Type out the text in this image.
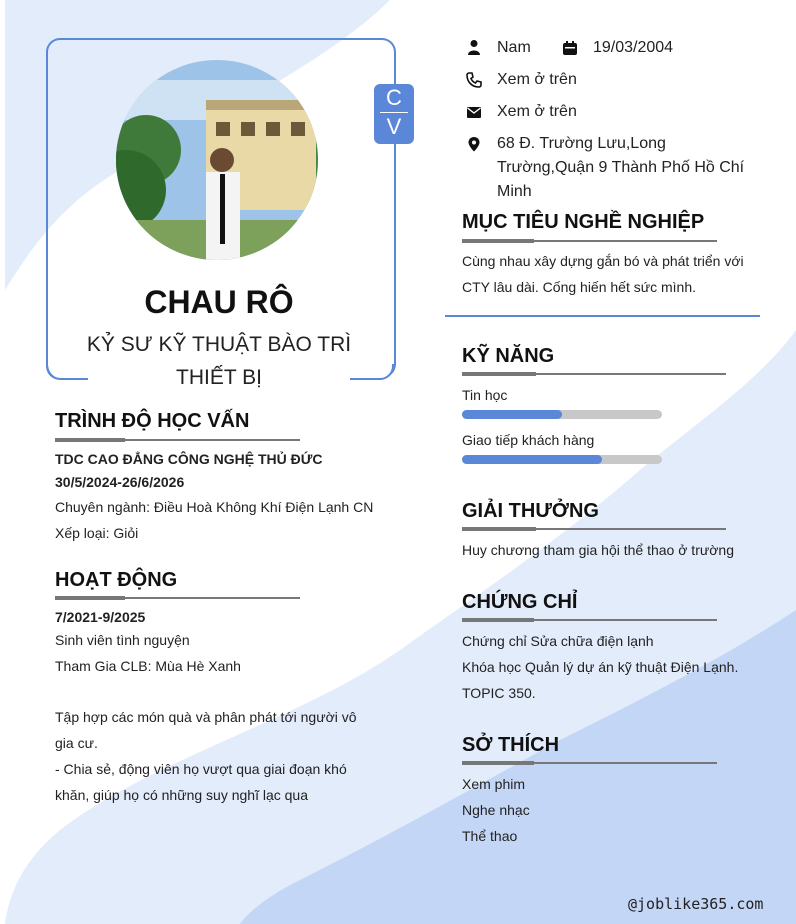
C
V
CHAU RÔ
KỶ SƯ KỸ THUẬT BÀO TRÌ THIẾT BỊ
TRÌNH ĐỘ HỌC VẤN
TDC CAO ĐẲNG CÔNG NGHỆ THỦ ĐỨC
30/5/2024-26/6/2026
Chuyên ngành: Điều Hoà Không Khí Điện Lạnh CN
Xếp loại: Giỏi
HOẠT ĐỘNG
7/2021-9/2025
Sinh viên tình nguyện
Tham Gia CLB: Mùa Hè Xanh
Tập hợp các món quà và phân phát tới người vô gia cư.
- Chia sẻ, động viên họ vượt qua giai đoạn khó khăn, giúp họ có những suy nghĩ lạc qua
Nam	19/03/2004
Xem ở trên
Xem ở trên
68 Đ. Trường Lưu,Long Trường,Quận 9 Thành Phố Hồ Chí Minh
MỤC TIÊU NGHỀ NGHIỆP
Cùng nhau xây dựng gắn bó và phát triển với CTY lâu dài. Cống hiến hết sức mình.
KỸ NĂNG
Tin học
Giao tiếp khách hàng
GIẢI THƯỞNG
Huy chương tham gia hội thể thao ở trường
CHỨNG CHỈ
Chứng chỉ Sửa chữa điện lạnh
Khóa học Quản lý dự án kỹ thuật Điện Lạnh.
TOPIC 350.
SỞ THÍCH
Xem phim
Nghe nhạc
Thể thao
@joblike365.com
